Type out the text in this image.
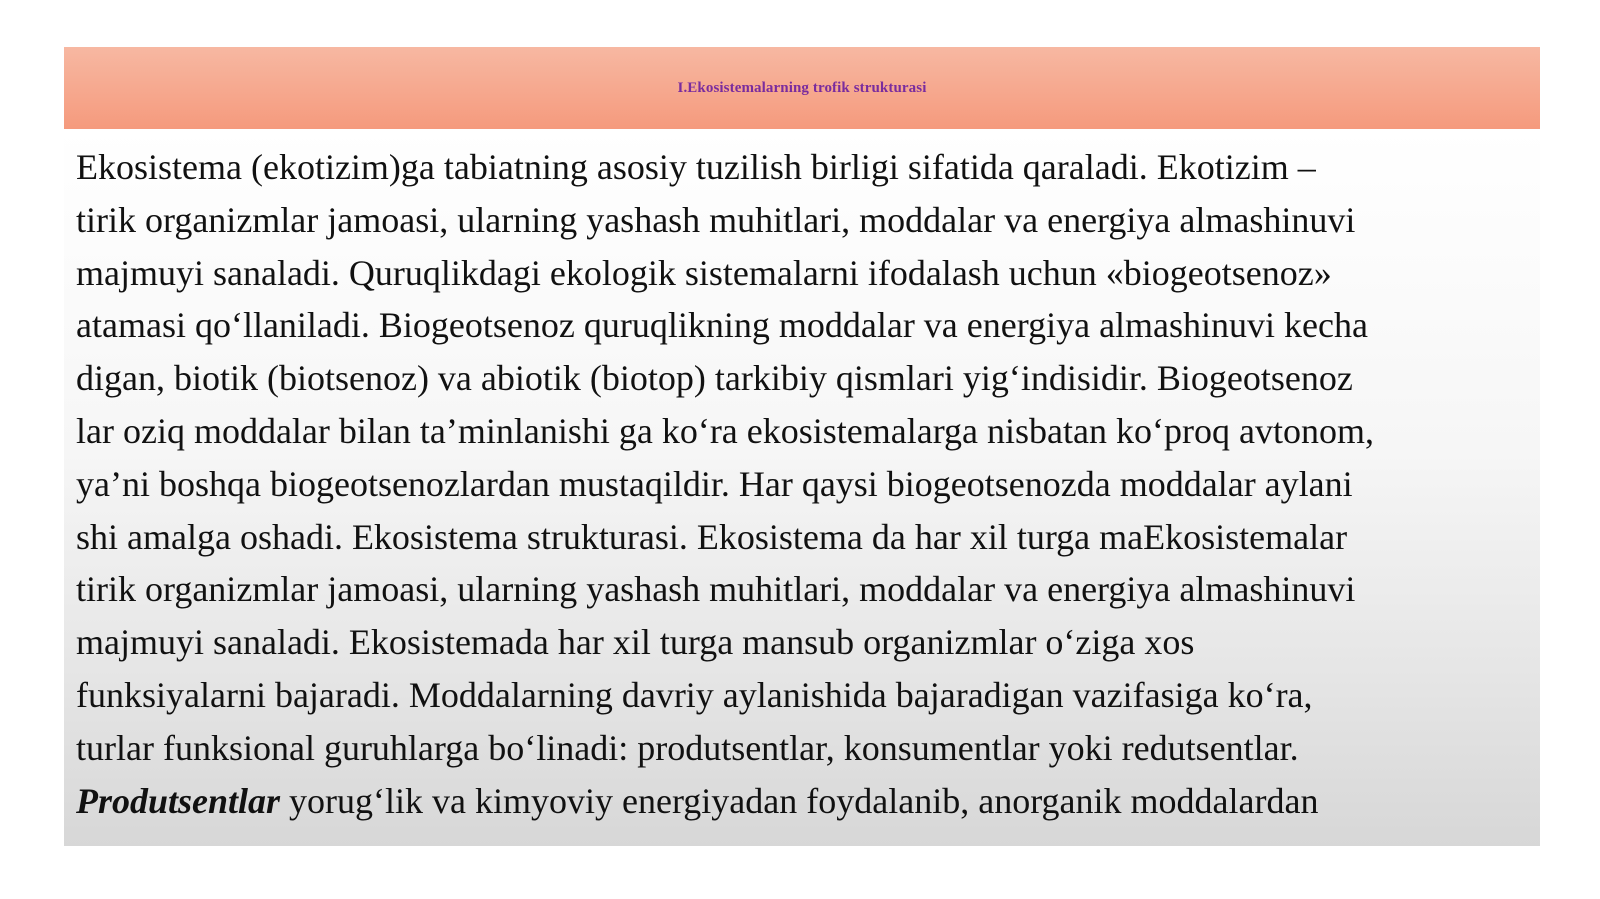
I.Ekosistemalarning trofik strukturasi

Ekosistema (ekotizim)ga tabiatning asosiy tuzilish birligi sifatida qaraladi. Ekotizim –
tirik organizmlar jamoasi, ularning yashash muhitlari, moddalar va energiya almashinuvi
majmuyi sanaladi. Quruqlikdagi ekologik sistemalarni ifodalash uchun «biogeotsenoz»
atamasi qo‘llaniladi. Biogeotsenoz quruqlikning moddalar va energiya almashinuvi kecha
digan, biotik (biotsenoz) va abiotik (biotop) tarkibiy qismlari yig‘indisidir. Biogeotsenoz
lar oziq moddalar bilan ta’minlanishi ga ko‘ra ekosistemalarga nisbatan ko‘proq avtonom,
ya’ni boshqa biogeotsenozlardan mustaqildir. Har qaysi biogeotsenozda moddalar aylani
shi amalga oshadi. Ekosistema strukturasi. Ekosistema da har xil turga maEkosistemalar
tirik organizmlar jamoasi, ularning yashash muhitlari, moddalar va energiya almashinuvi
majmuyi sanaladi. Ekosistemada har xil turga mansub organizmlar o‘ziga xos
funksiyalarni bajaradi. Moddalarning davriy aylanishida bajaradigan vazifasiga ko‘ra,
turlar funksional guruhlarga bo‘linadi: produtsentlar, konsumentlar yoki redutsentlar.
Produtsentlar yorug‘lik va kimyoviy energiyadan foydalanib, anorganik moddalardan
